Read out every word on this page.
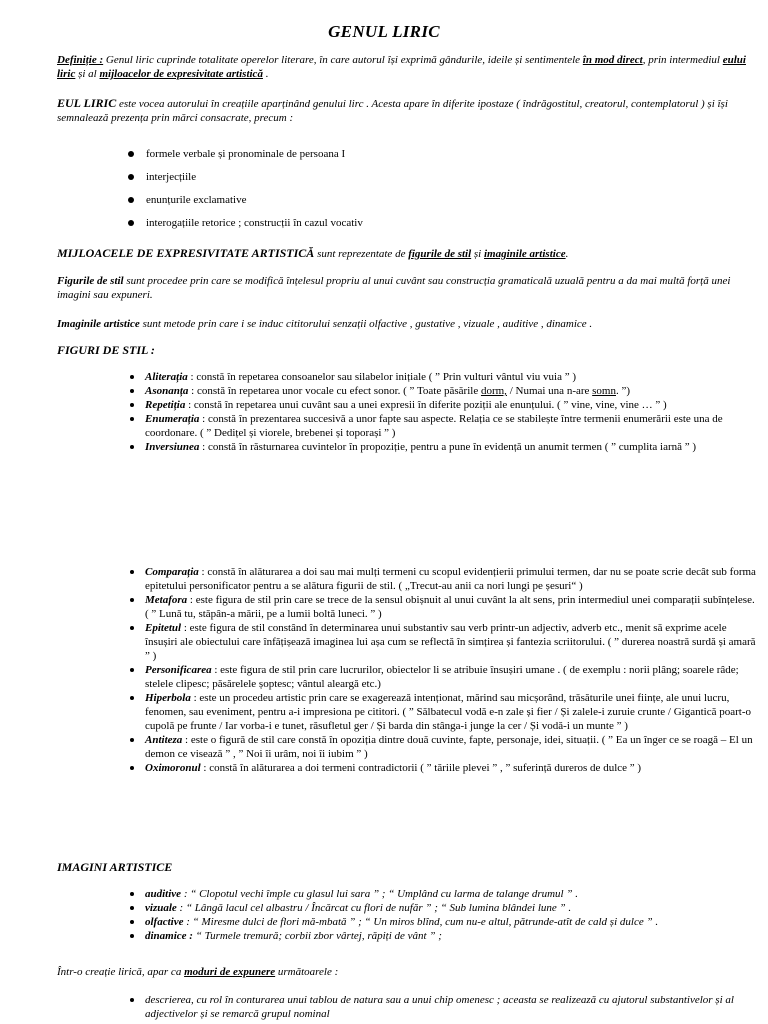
GENUL LIRIC
Definiție : Genul liric cuprinde totalitate operelor literare, în care autorul își exprimă gândurile, ideile și sentimentele în mod direct, prin intermediul eului liric și al mijloacelor de expresivitate artistică .
EUL LIRIC este vocea autorului în creațiile aparținând genului lirc . Acesta apare în diferite ipostaze ( îndrăgostitul, creatorul, contemplatorul ) și își semnalează prezența prin mărci consacrate, precum :
formele verbale și pronominale de persoana I
interjecțiile
enunțurile exclamative
interogațiile retorice ; construcții în cazul vocativ
MIJLOACELE DE EXPRESIVITATE ARTISTICĂ sunt reprezentate de figurile de stil și imaginile artistice.
Figurile de stil sunt procedee prin care se modifică înțelesul propriu al unui cuvânt sau construcția gramaticală uzuală pentru a da mai multă forță unei imagini sau expuneri.
Imaginile artistice sunt metode prin care i se induc cititorului senzații olfactive , gustative , vizuale , auditive , dinamice .
FIGURI DE STIL :
Aliterația : constă în repetarea consoanelor sau silabelor inițiale ( ” Prin vulturi vântul viu vuia ” )
Asonanța : constă în repetarea unor vocale cu efect sonor. ( ” Toate păsările dorm, / Numai una n-are somn. ”)
Repetiția : constă în repetarea unui cuvânt sau a unei expresii în diferite poziții ale enunțului. ( ” vine, vine, vine … ” )
Enumerația : constă în prezentarea succesivă a unor fapte sau aspecte. Relația ce se stabilește între termenii enumerării este una de coordonare. ( ” Dedițel și viorele, brebenei și toporași ” )
Inversiunea : constă în răsturnarea cuvintelor în propoziție, pentru a pune în evidență un anumit termen ( ” cumplita iarnă ” )
Comparația : constă în alăturarea a doi sau mai mulți termeni cu scopul evidențierii primului termen, dar nu se poate scrie decât sub forma epitetului personificator pentru a se alătura figurii de stil. ( „Trecut-au anii ca nori lungi pe șesuri“ )
Metafora : este figura de stil prin care se trece de la sensul obișnuit al unui cuvânt la alt sens, prin intermediul unei comparații subînțelese. ( ” Lună tu, stăpân-a mării, pe a lumii boltă luneci. ” )
Epitetul : este figura de stil constând în determinarea unui substantiv sau verb printr-un adjectiv, adverb etc., menit să exprime acele însușiri ale obiectului care înfățișează imaginea lui așa cum se reflectă în simțirea și fantezia scriitorului. ( ” durerea noastră surdă și amară ” )
Personificarea : este figura de stil prin care lucrurilor, obiectelor li se atribuie însușiri umane . ( de exemplu : norii plâng; soarele râde; stelele clipesc; păsărelele șoptesc; vântul aleargă etc.)
Hiperbola : este un procedeu artistic prin care se exagerează intenționat, mărind sau micșorând, trăsăturile unei ființe, ale unui lucru, fenomen, sau eveniment, pentru a-i impresiona pe cititori. ( ” Sălbatecul vodă e-n zale și fier / Și zalele-i zuruie crunte / Gigantică poart-o cupolă pe frunte / Iar vorba-i e tunet, răsufletul ger / Și barda din stânga-i junge la cer / Și vodă-i un munte ” )
Antiteza : este o figură de stil care constă în opoziția dintre două cuvinte, fapte, personaje, idei, situații. ( ” Ea un înger ce se roagă – El un demon ce visează ” , ” Noi îi urâm, noi îi iubim ” )
Oximoronul : constă în alăturarea a doi termeni contradictorii ( ” tăriile plevei ” , ” suferință dureros de dulce ” )
IMAGINI ARTISTICE
auditive : “ Clopotul vechi împle cu glasul lui sara ” ; “ Umplând cu larma de talange drumul ” .
vizuale : “ Lângă lacul cel albastru / Încărcat cu flori de nufăr ” ; “ Sub lumina blândei lune ” .
olfactive : “ Miresme dulci de flori mă-mbată ” ; “ Un miros blînd, cum nu-e altul, pătrunde-atît de cald și dulce ” .
dinamice : “ Turmele tremură; corbii zbor vârtej, răpiți de vânt ” ;
Într-o creație lirică, apar ca moduri de expunere următoarele :
descrierea, cu rol în conturarea unui tablou de natura sau a unui chip omenesc ; aceasta se realizează cu ajutorul substantivelor și al adjectivelor și se remarcă grupul nominal
